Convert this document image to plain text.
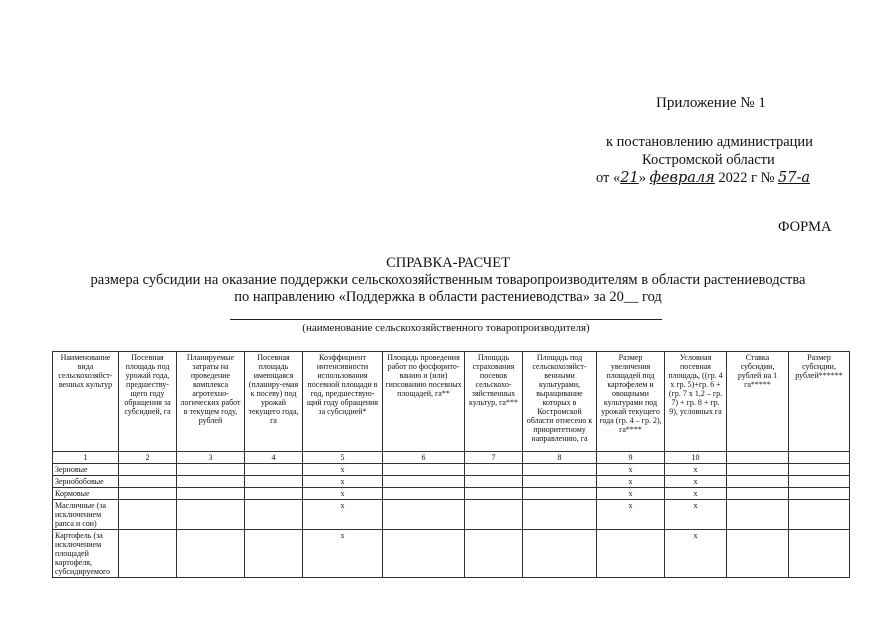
Приложение № 1
к постановлению администрации
Костромской области
от «21» февраля 2022 г № 57-а
ФОРМА
СПРАВКА-РАСЧЕТ
размера субсидии на оказание поддержки сельскохозяйственным товаропроизводителям в области растениеводства
по направлению «Поддержка в области растениеводства» за 20__ год
(наименование сельскохозяйственного товаропроизводителя)
Наименование вида сельскохозяйст-венных культур	Посевная площадь под урожай года, предшеству-щего году обращения за субсидией, га	Планируемые затраты на проведение комплекса агротехно-логических работ в текущем году, рублей	Посевная площадь имеющаяся (планиру-емая к посеву) под урожай текущего года, га	Коэффициент интенсивности использования посевной площади в год, предшествую-щий году обращения за субсидией*	Площадь проведения работ по фосфорито-ванию и (или) гипсованию посевных площадей, га**	Площадь страхования посевов сельскохо-зяйственных культур, га***	Площадь под сельскохозяйст-венными культурами, выращивание которых в Костромской области отнесено к приоритетному направлению, га	Размер увеличения площадей под картофелем и овощными культурами под урожай текущего года (гр. 4 – гр. 2), га****	Условная посевная площадь, ((гр. 4 х гр. 5)+гр. 6 + (гр. 7 х 1,2 – гр. 7) + гр. 8 + гр. 9), условных га	Ставка субсидии, рублей на 1 га*****	Размер субсидии, рублей******
1	2	3	4	5	6	7	8	9	10		
Зерновые				x				x	x		
Зернобобовые				x				x	x		
Кормовые				x				x	x		
Масличные (за исключением рапса и сои)				x				x	x		
Картофель (за исключением площадей картофеля, субсидируемого				x					x		
